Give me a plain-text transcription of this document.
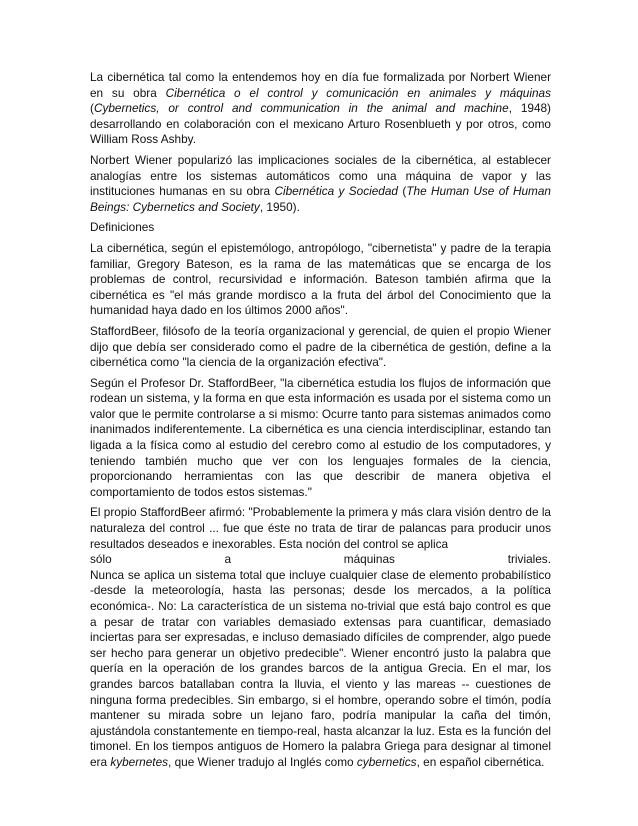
La cibernética tal como la entendemos hoy en día fue formalizada por Norbert Wiener en su obra Cibernética o el control y comunicación en animales y máquinas (Cybernetics, or control and communication in the animal and machine, 1948) desarrollando en colaboración con el mexicano Arturo Rosenblueth y por otros, como William Ross Ashby.
Norbert Wiener popularizó las implicaciones sociales de la cibernética, al establecer analogías entre los sistemas automáticos como una máquina de vapor y las instituciones humanas en su obra Cibernética y Sociedad (The Human Use of Human Beings: Cybernetics and Society, 1950).
Definiciones
La cibernética, según el epistemólogo, antropólogo, "cibernetista" y padre de la terapia familiar, Gregory Bateson, es la rama de las matemáticas que se encarga de los problemas de control, recursividad e información. Bateson también afirma que la cibernética es "el más grande mordisco a la fruta del árbol del Conocimiento que la humanidad haya dado en los últimos 2000 años".
StaffordBeer, filósofo de la teoría organizacional y gerencial, de quien el propio Wiener dijo que debía ser considerado como el padre de la cibernética de gestión, define a la cibernética como "la ciencia de la organización efectiva".
Según el Profesor Dr. StaffordBeer, "la cibernética estudia los flujos de información que rodean un sistema, y la forma en que esta información es usada por el sistema como un valor que le permite controlarse a si mismo: Ocurre tanto para sistemas animados como inanimados indiferentemente. La cibernética es una ciencia interdisciplinar, estando tan ligada a la física como al estudio del cerebro como al estudio de los computadores, y teniendo también mucho que ver con los lenguajes formales de la ciencia, proporcionando herramientas con las que describir de manera objetiva el comportamiento de todos estos sistemas."
El propio StaffordBeer afirmó: "Probablemente la primera y más clara visión dentro de la naturaleza del control ... fue que éste no trata de tirar de palancas para producir unos resultados deseados e inexorables. Esta noción del control se aplica
sólo	a	máquinas	triviales.
Nunca se aplica un sistema total que incluye cualquier clase de elemento probabilístico -desde la meteorología, hasta las personas; desde los mercados, a la política económica-. No: La característica de un sistema no-trivial que está bajo control es que a pesar de tratar con variables demasiado extensas para cuantificar, demasiado inciertas para ser expresadas, e incluso demasiado difíciles de comprender, algo puede ser hecho para generar un objetivo predecible". Wiener encontró justo la palabra que quería en la operación de los grandes barcos de la antigua Grecia. En el mar, los grandes barcos batallaban contra la lluvia, el viento y las mareas -- cuestiones de ninguna forma predecibles. Sin embargo, si el hombre, operando sobre el timón, podía mantener su mirada sobre un lejano faro, podría manipular la caña del timón, ajustándola constantemente en tiempo-real, hasta alcanzar la luz. Esta es la función del timonel. En los tiempos antiguos de Homero la palabra Griega para designar al timonel era kybernetes, que Wiener tradujo al Inglés como cybernetics, en español cibernética.
